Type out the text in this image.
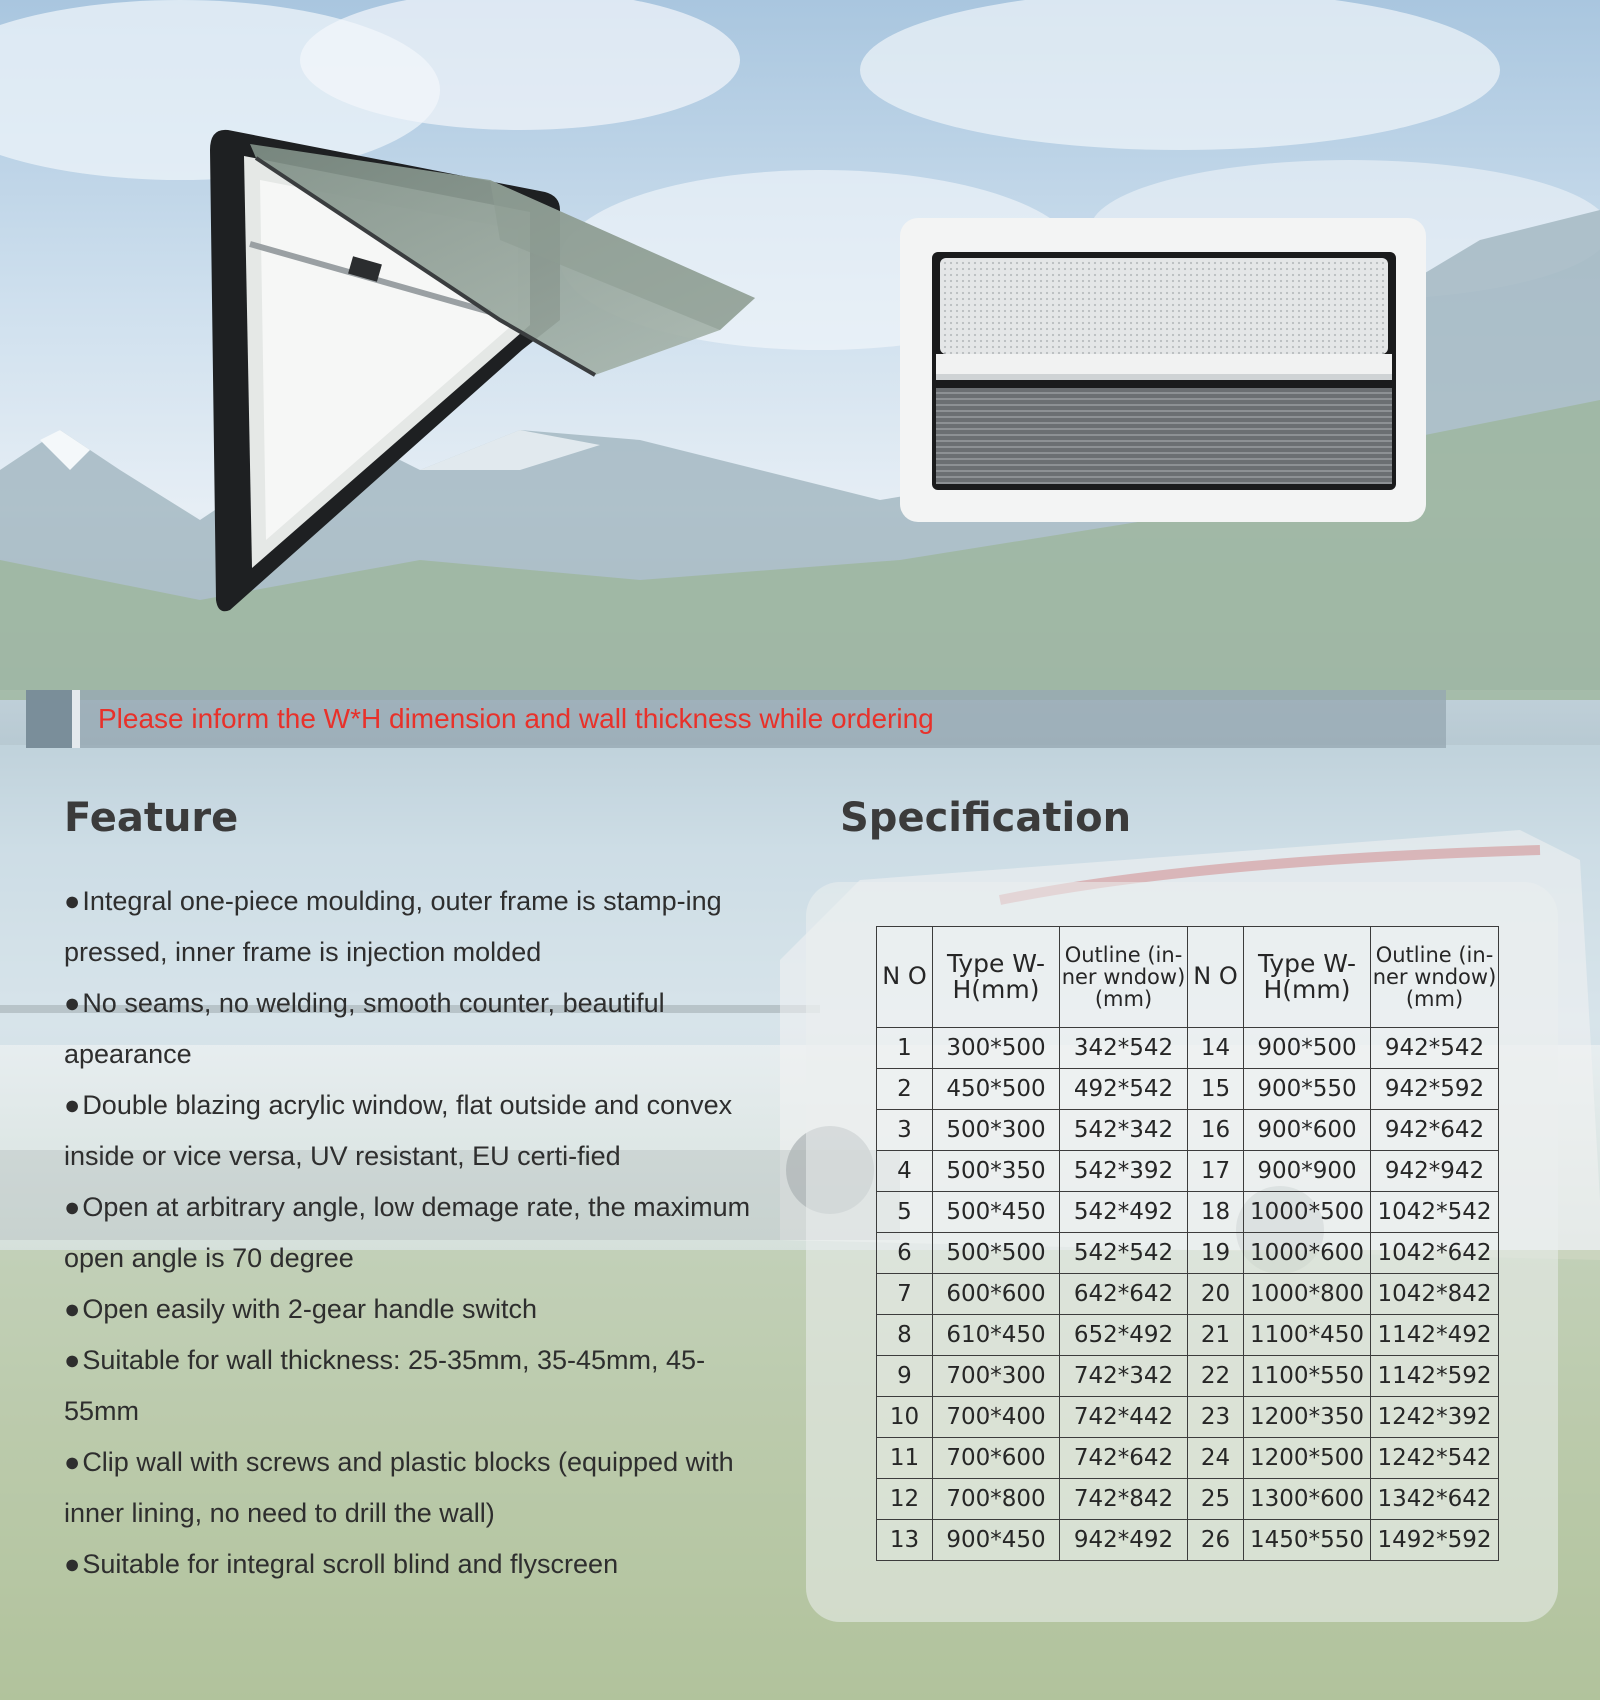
Please inform the W*H dimension and wall thickness while ordering
Feature
●Integral one-piece moulding, outer frame is stamp-ing pressed, inner frame is injection molded
●No seams, no welding, smooth counter, beautiful apearance
●Double blazing acrylic window, flat outside and convex inside or vice versa, UV resistant, EU certi-fied
●Open at arbitrary angle, low demage rate, the maximum open angle is 70 degree
●Open easily with 2-gear handle switch
●Suitable for wall thickness: 25-35mm, 35-45mm, 45-55mm
●Clip wall with screws and plastic blocks (equipped with inner lining, no need to drill the wall)
●Suitable for integral scroll blind and flyscreen
Specification
N O	Type W-H(mm)	Outline (in-ner wndow) (mm)	N O	Type W-H(mm)	Outline (in-ner wndow) (mm)
1	300*500	342*542	14	900*500	942*542
2	450*500	492*542	15	900*550	942*592
3	500*300	542*342	16	900*600	942*642
4	500*350	542*392	17	900*900	942*942
5	500*450	542*492	18	1000*500	1042*542
6	500*500	542*542	19	1000*600	1042*642
7	600*600	642*642	20	1000*800	1042*842
8	610*450	652*492	21	1100*450	1142*492
9	700*300	742*342	22	1100*550	1142*592
10	700*400	742*442	23	1200*350	1242*392
11	700*600	742*642	24	1200*500	1242*542
12	700*800	742*842	25	1300*600	1342*642
13	900*450	942*492	26	1450*550	1492*592
